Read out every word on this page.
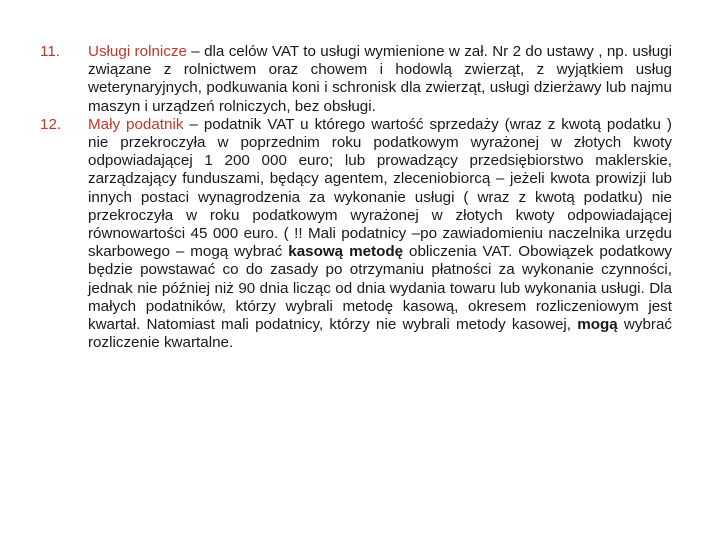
11. Usługi rolnicze – dla celów VAT to usługi wymienione w zał. Nr 2 do ustawy , np. usługi związane z rolnictwem oraz chowem i hodowlą zwierząt, z wyjątkiem usług weterynaryjnych, podkuwania koni i schronisk dla zwierząt, usługi dzierżawy lub najmu maszyn i urządzeń rolniczych, bez obsługi.
12. Mały podatnik – podatnik VAT u którego wartość sprzedaży (wraz z kwotą podatku ) nie przekroczyła w poprzednim roku podatkowym wyrażonej w złotych kwoty odpowiadającej 1 200 000 euro; lub prowadzący przedsiębiorstwo maklerskie, zarządzający funduszami, będący agentem, zleceniobiorcą – jeżeli kwota prowizji lub innych postaci wynagrodzenia za wykonanie usługi ( wraz z kwotą podatku) nie przekroczyła w roku podatkowym wyrażonej w złotych kwoty odpowiadającej równowartości 45 000 euro. ( !! Mali podatnicy –po zawiadomieniu naczelnika urzędu skarbowego – mogą wybrać kasową metodę obliczenia VAT. Obowiązek podatkowy będzie powstawać co do zasady po otrzymaniu płatności za wykonanie czynności, jednak nie później niż 90 dnia licząc od dnia wydania towaru lub wykonania usługi. Dla małych podatników, którzy wybrali metodę kasową, okresem rozliczeniowym jest kwartał. Natomiast mali podatnicy, którzy nie wybrali metody kasowej, mogą wybrać rozliczenie kwartalne.
